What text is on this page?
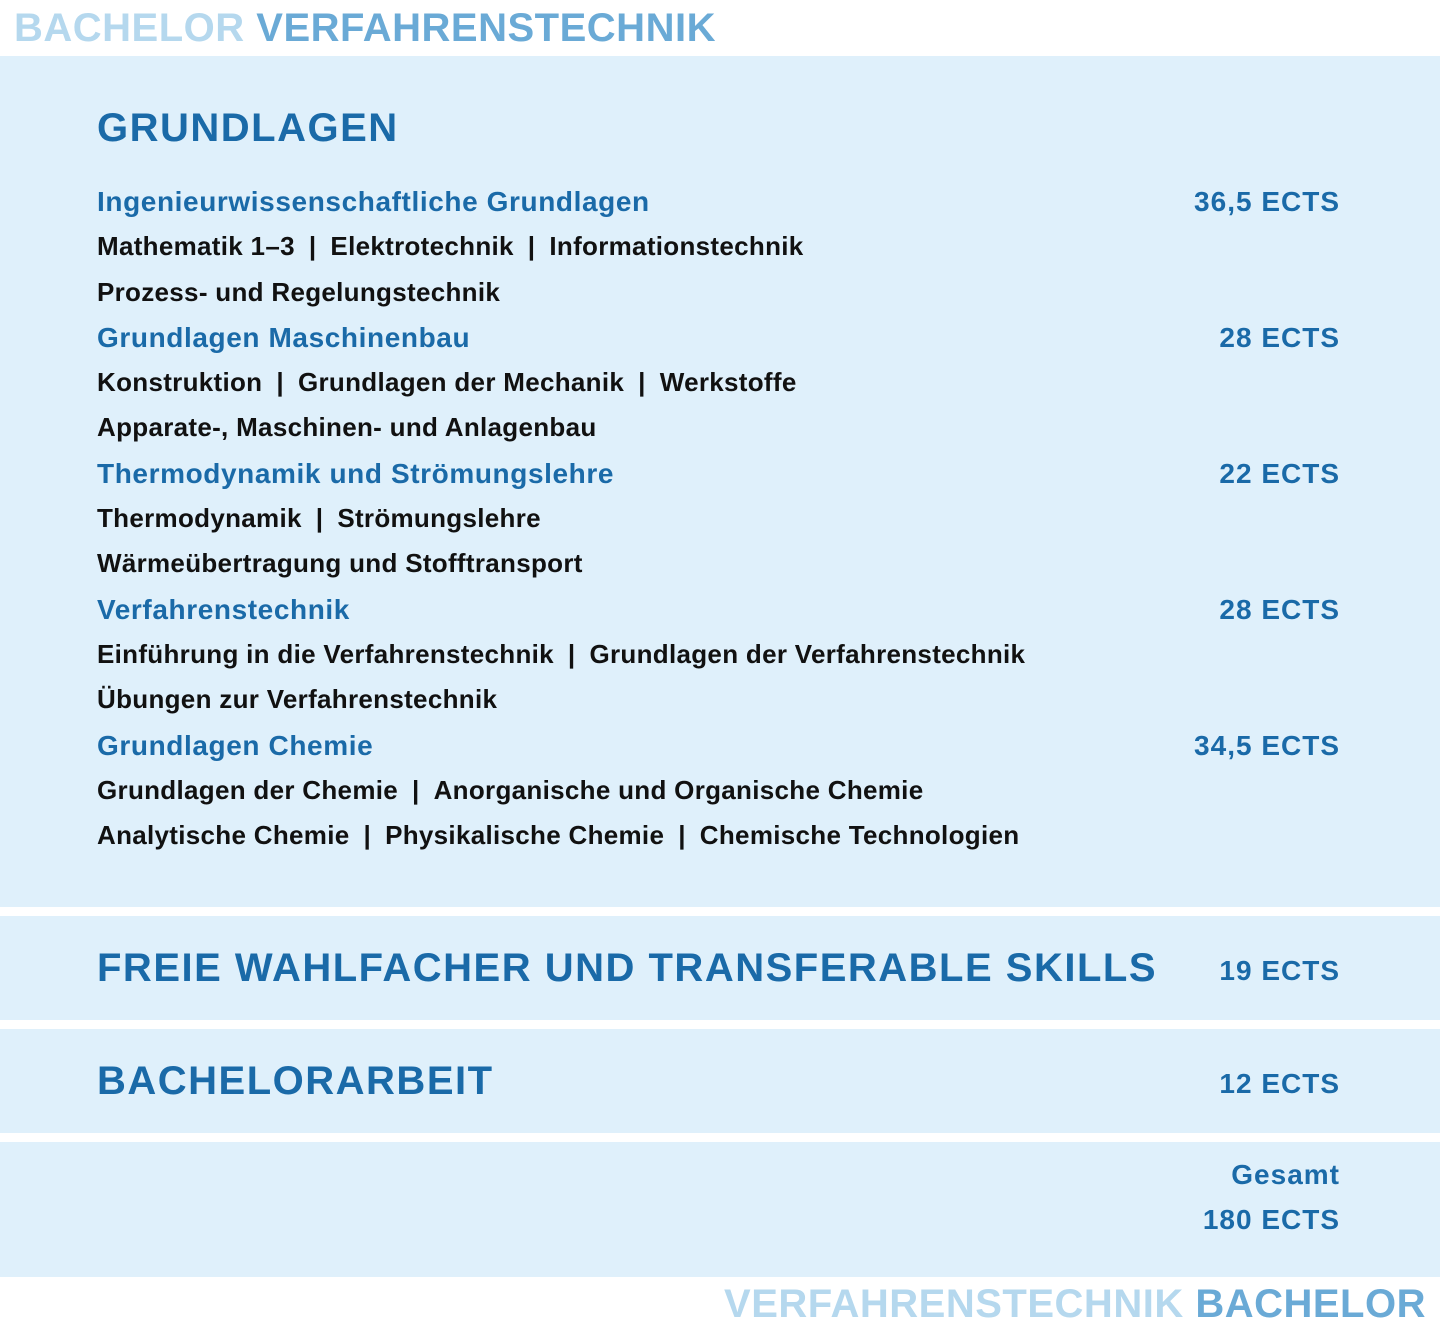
BACHELOR VERFAHRENSTECHNIK
GRUNDLAGEN
Ingenieurwissenschaftliche Grundlagen	36,5 ECTS
Mathematik 1–3 | Elektrotechnik | Informationstechnik
Prozess- und Regelungstechnik
Grundlagen Maschinenbau	28 ECTS
Konstruktion | Grundlagen der Mechanik | Werkstoffe
Apparate-, Maschinen- und Anlagenbau
Thermodynamik und Strömungslehre	22 ECTS
Thermodynamik | Strömungslehre
Wärmeübertragung und Stofftransport
Verfahrenstechnik	28 ECTS
Einführung in die Verfahrenstechnik | Grundlagen der Verfahrenstechnik
Übungen zur Verfahrenstechnik
Grundlagen Chemie	34,5 ECTS
Grundlagen der Chemie | Anorganische und Organische Chemie
Analytische Chemie | Physikalische Chemie | Chemische Technologien
FREIE WAHLFACHER UND TRANSFERABLE SKILLS 19 ECTS
BACHELORARBEIT	12 ECTS
Gesamt
180 ECTS
VERFAHRENSTECHNIK BACHELOR
